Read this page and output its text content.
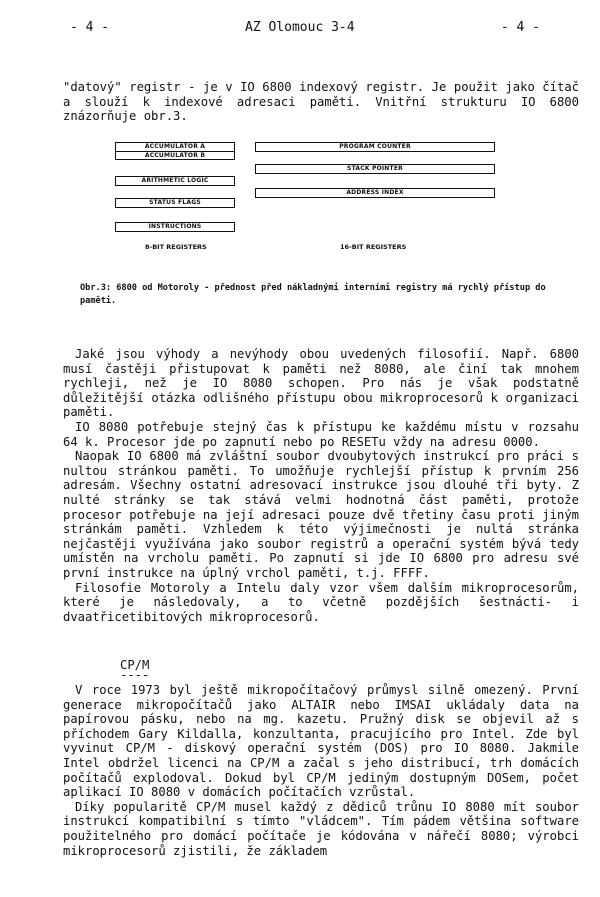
- 4 -	AZ Olomouc 3-4	- 4 -

"datový" registr - je v IO 6800 indexový registr. Je použit jako čítač a slouží k indexové adresaci paměti. Vnitřní strukturu IO 6800 znázorňuje obr.3.

ACCUMULATOR A
ACCUMULATOR B
ARITHMETIC LOGIC
STATUS FLAGS
INSTRUCTIONS
PROGRAM COUNTER
STACK POINTER
ADDRESS INDEX
8-BIT REGISTERS	16-BIT REGISTERS
Obr.3: 6800 od Motoroly - přednost před nákladnými interními registry má rychlý přístup do paměti.

Jaké jsou výhody a nevýhody obou uvedených filosofií. Např. 6800 musí častěji přistupovat k paměti než 8080, ale činí tak mnohem rychleji, než je IO 8080 schopen. Pro nás je však podstatně důležitější otázka odlišného přístupu obou mikroprocesorů k organizaci paměti.

IO 8080 potřebuje stejný čas k přístupu ke každému místu v rozsahu 64 k. Procesor jde po zapnutí nebo po RESETu vždy na adresu 0000.

Naopak IO 6800 má zvláštní soubor dvoubytových instrukcí pro práci s nultou stránkou paměti. To umožňuje rychlejší přístup k prvním 256 adresám. Všechny ostatní adresovací instrukce jsou dlouhé tři byty. Z nulté stránky se tak stává velmi hodnotná část paměti, protože procesor potřebuje na její adresaci pouze dvě třetiny času proti jiným stránkám paměti. Vzhledem k této výjimečnosti je nultá stránka nejčastěji využívána jako soubor registrů a operační systém bývá tedy umístěn na vrcholu paměti. Po zapnutí si jde IO 6800 pro adresu své první instrukce na úplný vrchol paměti, t.j. FFFF.

Filosofie Motoroly a Intelu daly vzor všem dalším mikroprocesorům, které je následovaly, a to včetně pozdějších šestnácti- i dvaatřicetibitových mikroprocesorů.

CP/M
----

V roce 1973 byl ještě mikropočítačový průmysl silně omezený. První generace mikropočítačů jako ALTAIR nebo IMSAI ukládaly data na papírovou pásku, nebo na mg. kazetu. Pružný disk se objevil až s příchodem Gary Kildalla, konzultanta, pracujícího pro Intel. Zde byl vyvinut CP/M - diskový operační systém (DOS) pro IO 8080. Jakmile Intel obdržel licenci na CP/M a začal s jeho distribucí, trh domácích počítačů explodoval. Dokud byl CP/M jediným dostupným DOSem, počet aplikací IO 8080 v domácích počítačích vzrůstal.

Díky popularitě CP/M musel každý z dědiců trůnu IO 8080 mít soubor instrukcí kompatibilní s tímto "vládcem". Tím pádem většina software použitelného pro domácí počítače je kódována v nářečí 8080; výrobci mikroprocesorů zjistili, že základem
